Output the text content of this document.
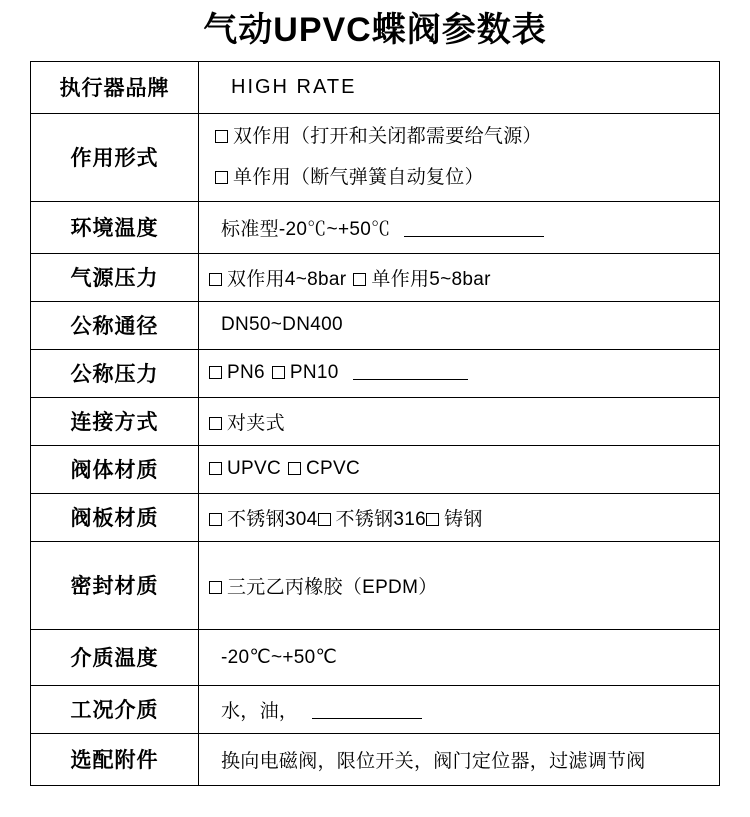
气动UPVC蝶阀参数表
执行器品牌	HIGH RATE
作用形式	双作用（打开和关闭都需要给气源）
单作用（断气弹簧自动复位）

环境温度	标准型-20℃~+50℃
气源压力	双作用4~8bar 单作用5~8bar
公称通径	DN50~DN400
公称压力	PN6 PN10
连接方式	对夹式
阀体材质	UPVC CPVC
阀板材质	不锈钢304 不锈钢316 铸钢
密封材质	三元乙丙橡胶（EPDM）
介质温度	-20℃~+50℃
工况介质	水，油，
选配附件	换向电磁阀，限位开关，阀门定位器，过滤调节阀
